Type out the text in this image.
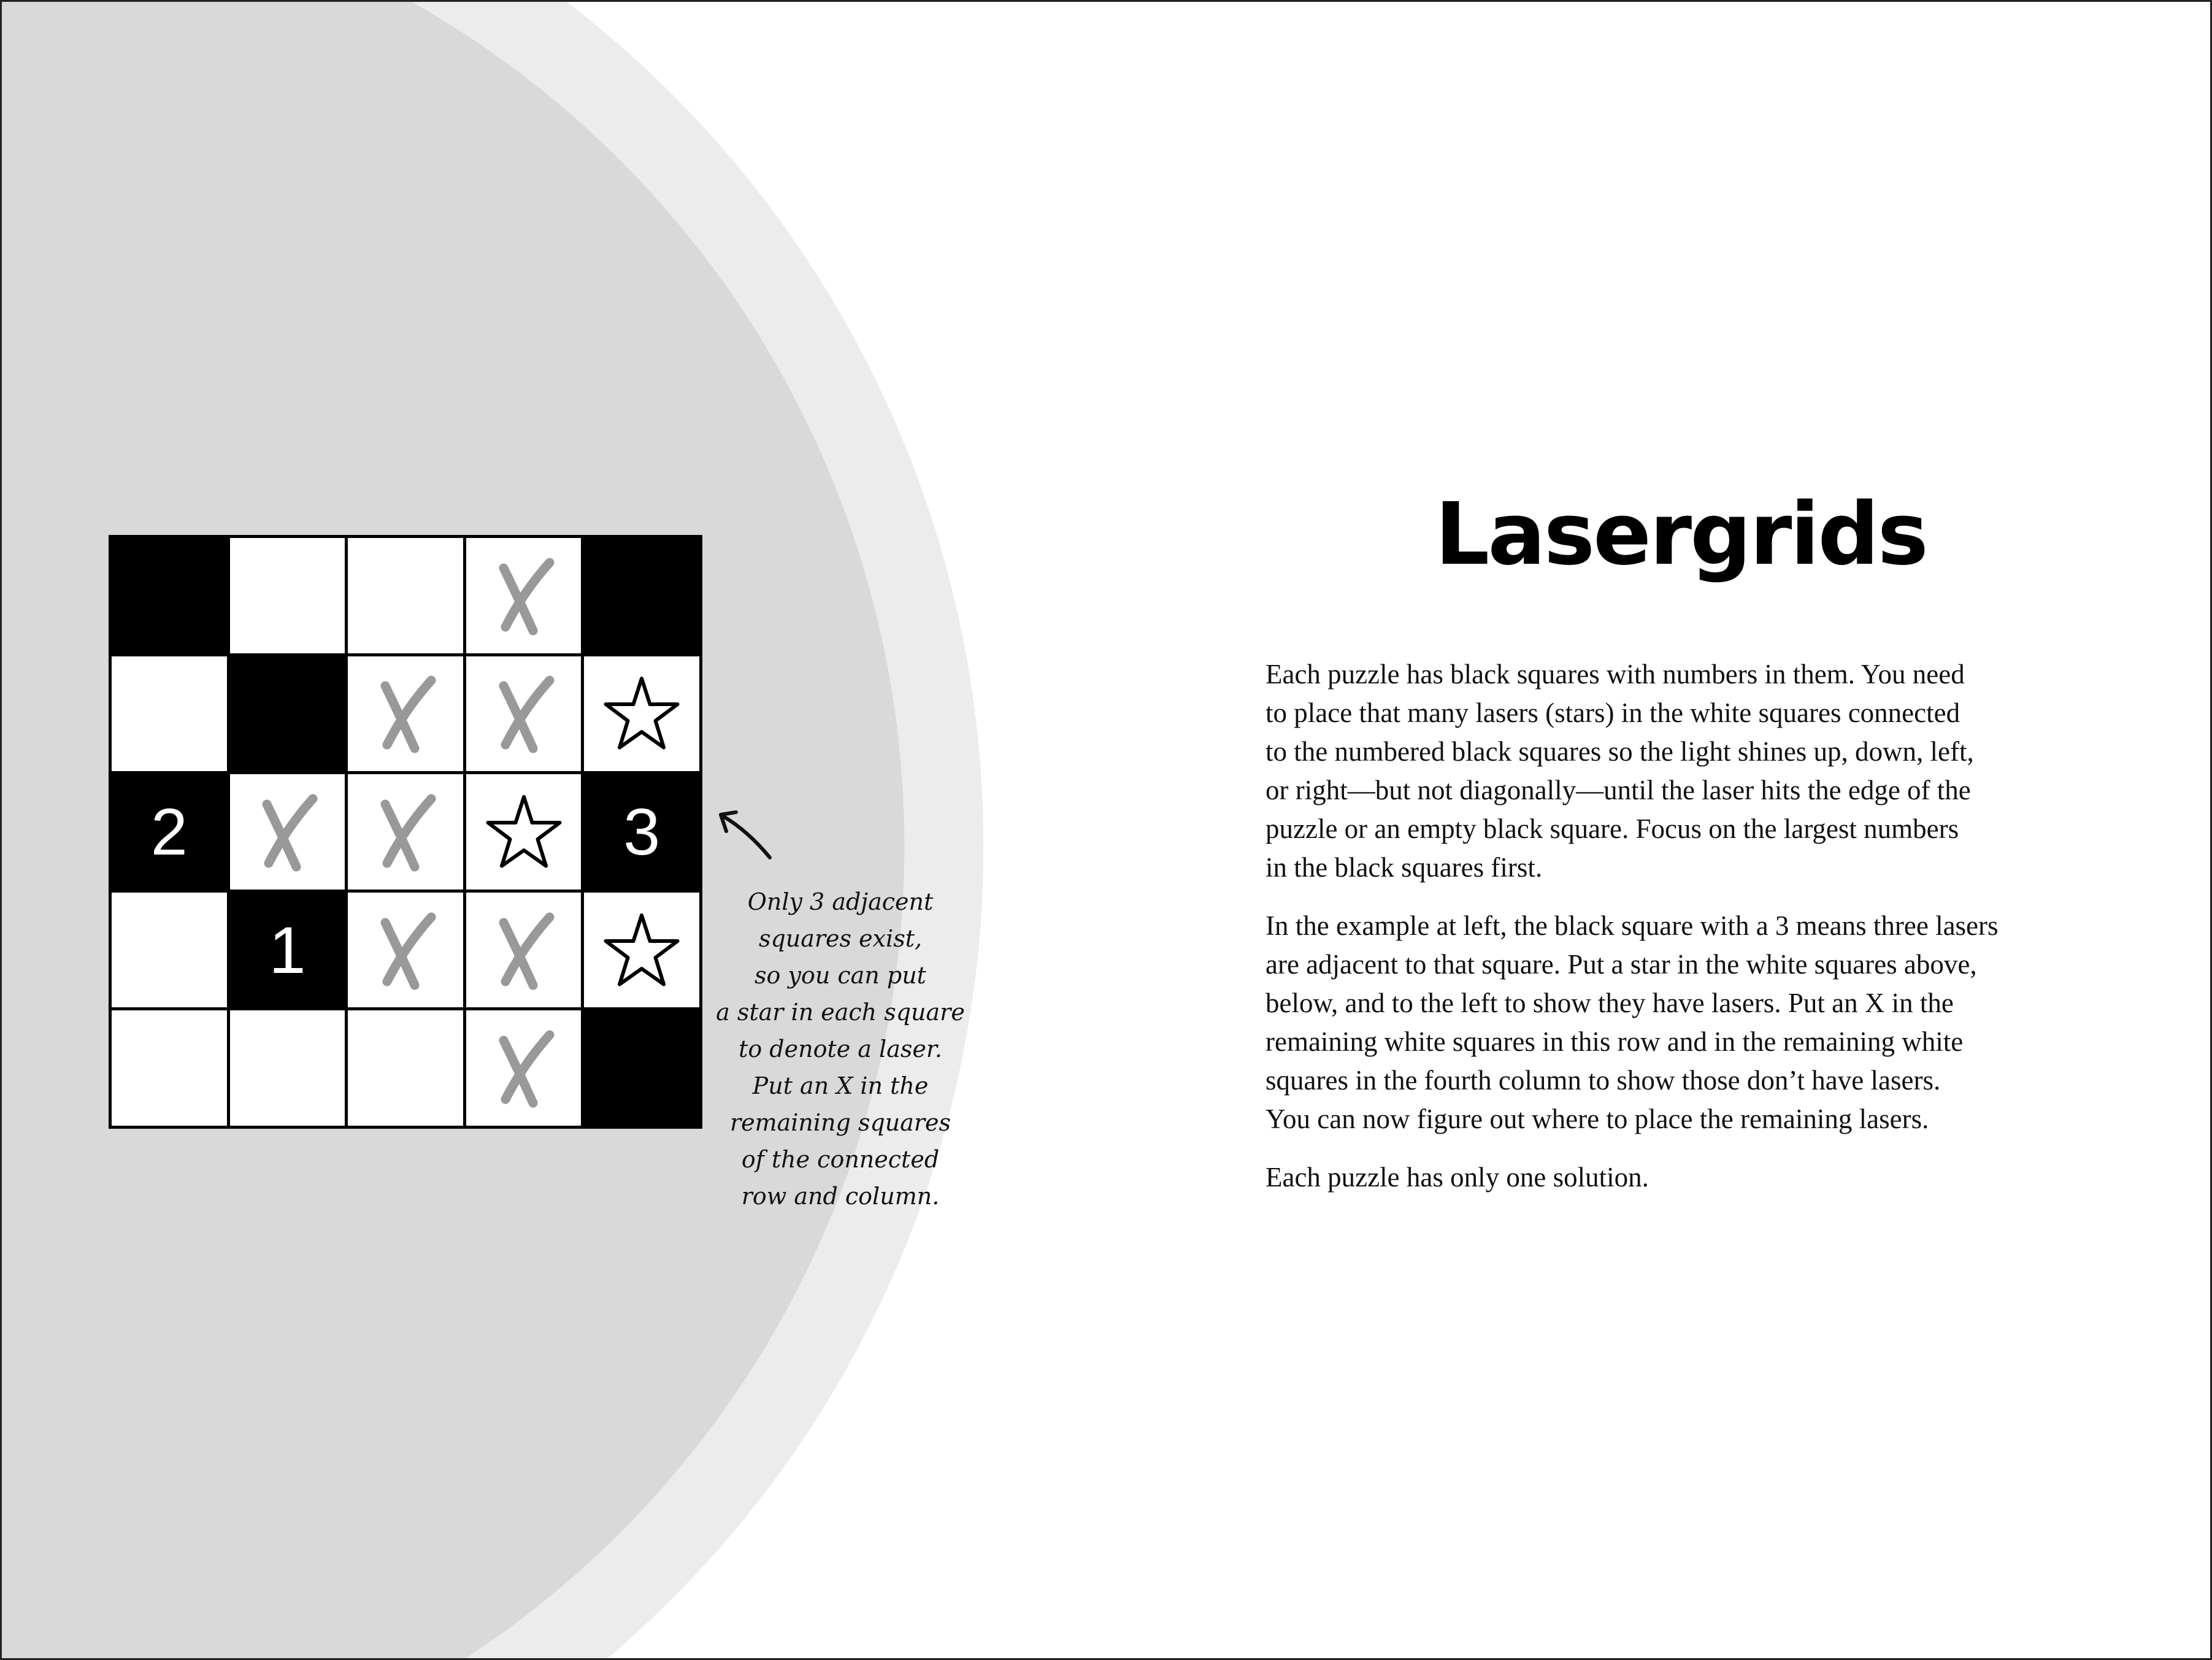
2	3
1
Only 3 adjacent
squares exist,
so you can put
a star in each square
to denote a laser.
Put an X in the
remaining squares
of the connected
row and column.
Lasergrids

Each puzzle has black squares with numbers in them. You need
to place that many lasers (stars) in the white squares connected
to the numbered black squares so the light shines up, down, left,
or right—but not diagonally—until the laser hits the edge of the
puzzle or an empty black square. Focus on the largest numbers
in the black squares first.

In the example at left, the black square with a 3 means three lasers
are adjacent to that square. Put a star in the white squares above,
below, and to the left to show they have lasers. Put an X in the
remaining white squares in this row and in the remaining white
squares in the fourth column to show those don’t have lasers.
You can now figure out where to place the remaining lasers.

Each puzzle has only one solution.
